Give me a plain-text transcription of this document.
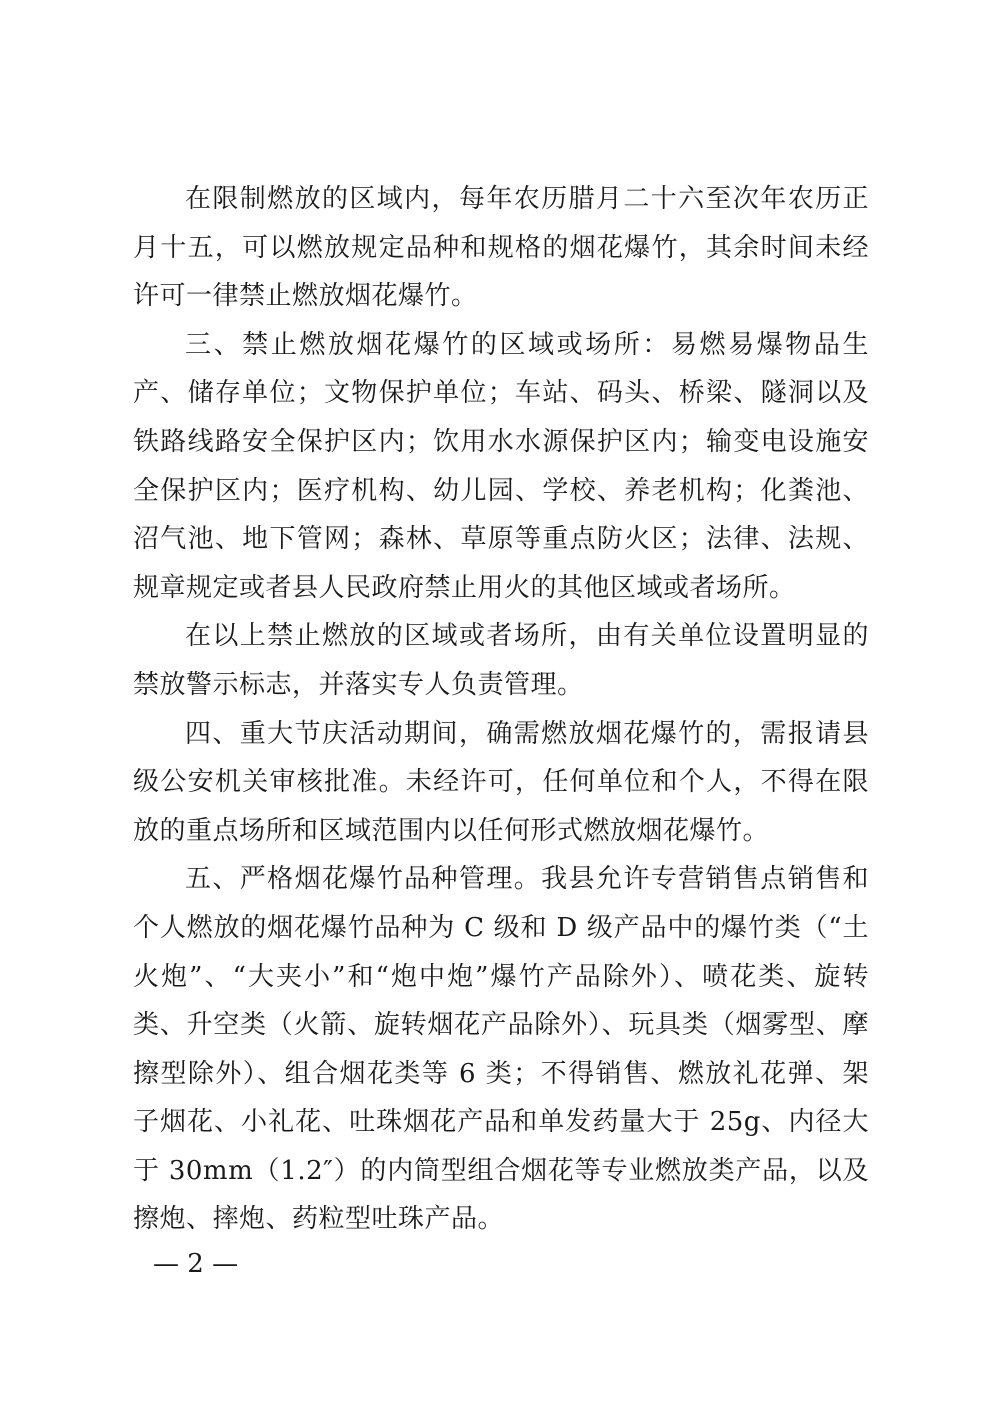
在限制燃放的区域内，每年农历腊月二十六至次年农历正月十五，可以燃放规定品种和规格的烟花爆竹，其余时间未经许可一律禁止燃放烟花爆竹。

三、禁止燃放烟花爆竹的区域或场所：易燃易爆物品生产、储存单位；文物保护单位；车站、码头、桥梁、隧洞以及铁路线路安全保护区内；饮用水水源保护区内；输变电设施安全保护区内；医疗机构、幼儿园、学校、养老机构；化粪池、沼气池、地下管网；森林、草原等重点防火区；法律、法规、规章规定或者县人民政府禁止用火的其他区域或者场所。

在以上禁止燃放的区域或者场所，由有关单位设置明显的禁放警示标志，并落实专人负责管理。

四、重大节庆活动期间，确需燃放烟花爆竹的，需报请县级公安机关审核批准。未经许可，任何单位和个人，不得在限放的重点场所和区域范围内以任何形式燃放烟花爆竹。

五、严格烟花爆竹品种管理。我县允许专营销售点销售和个人燃放的烟花爆竹品种为 C 级和 D 级产品中的爆竹类（“土火炮”、“大夹小”和“炮中炮”爆竹产品除外）、喷花类、旋转类、升空类（火箭、旋转烟花产品除外）、玩具类（烟雾型、摩擦型除外）、组合烟花类等 6 类；不得销售、燃放礼花弹、架子烟花、小礼花、吐珠烟花产品和单发药量大于 25g、内径大于 30mm（1.2″）的内筒型组合烟花等专业燃放类产品，以及擦炮、摔炮、药粒型吐珠产品。

— 2 —
